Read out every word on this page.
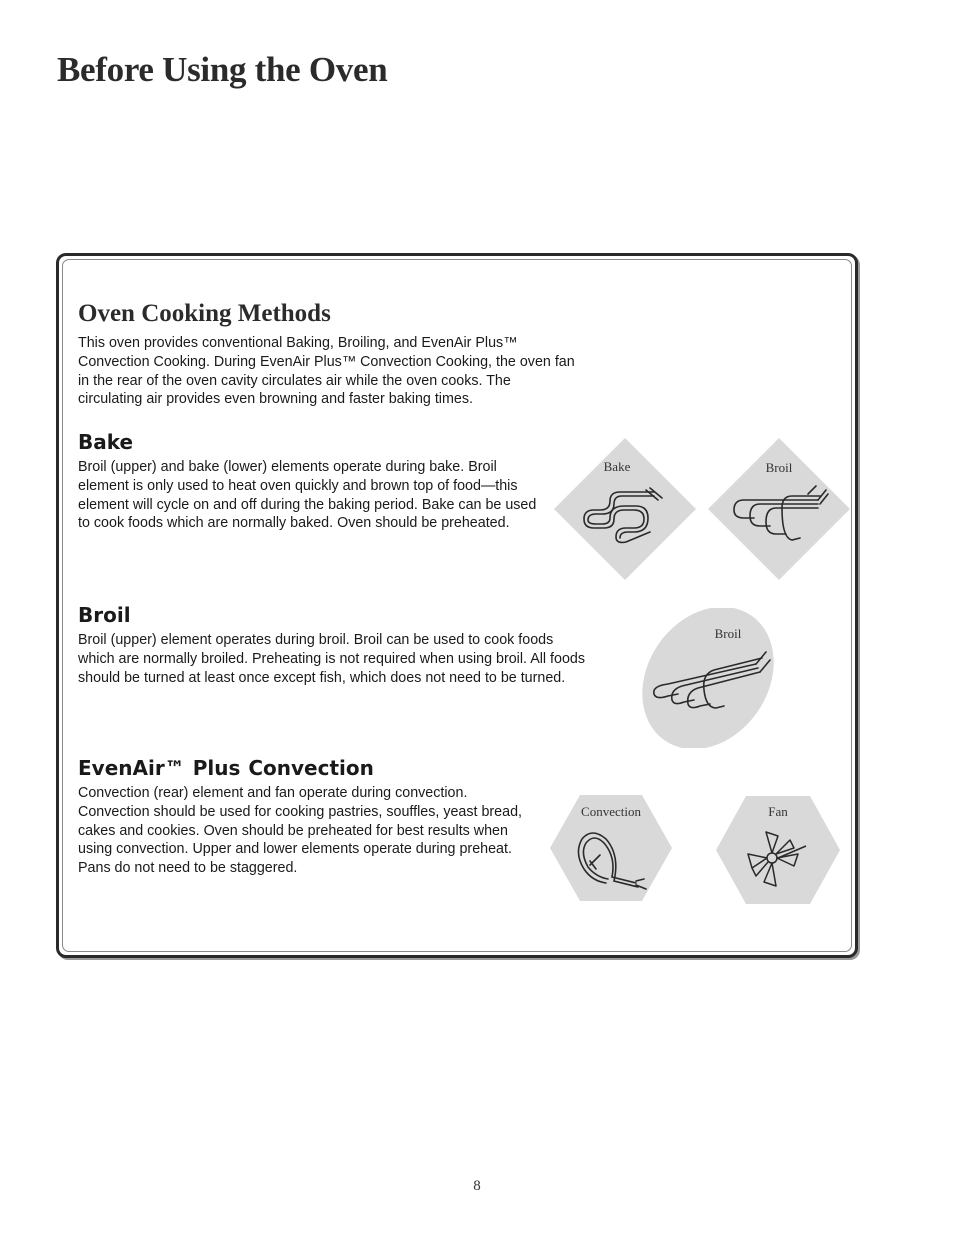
Before Using the Oven
Oven Cooking Methods

This oven provides conventional Baking, Broiling, and EvenAir Plus™ Convection Cooking. During EvenAir Plus™ Convection Cooking, the oven fan in the rear of the oven cavity circulates air while the oven cooks. The circulating air provides even browning and faster baking times.

Bake

Broil (upper) and bake (lower) elements operate during bake. Broil element is only used to heat oven quickly and brown top of food—this element will cycle on and off during the baking period. Bake can be used to cook foods which are normally baked. Oven should be preheated.

Bake	Broil
Broil

Broil (upper) element operates during broil. Broil can be used to cook foods which are normally broiled. Preheating is not required when using broil. All foods should be turned at least once except fish, which does not need to be turned.

Broil
EvenAir™ Plus Convection

Convection (rear) element and fan operate during convection. Convection should be used for cooking pastries, souffles, yeast bread, cakes and cookies. Oven should be preheated for best results when using convection. Upper and lower elements operate during preheat. Pans do not need to be staggered.

Convection	Fan
8
